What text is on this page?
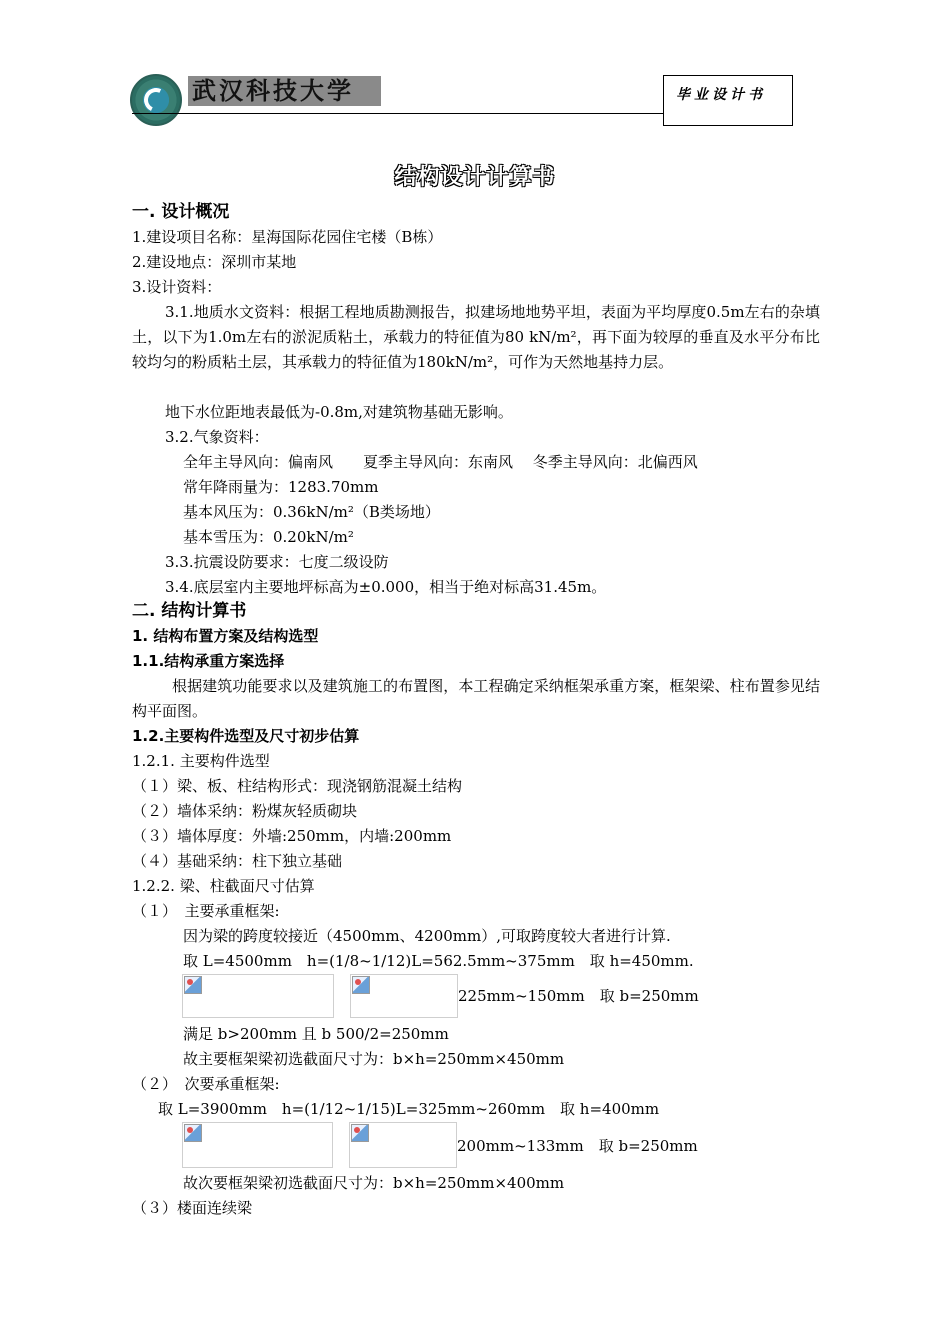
武汉科技大学	毕业设计书
结构设计计算书
一. 设计概况
1.建设项目名称：星海国际花园住宅楼（B栋）
2.建设地点：深圳市某地
3.设计资料：
3.1.地质水文资料：根据工程地质勘测报告，拟建场地地势平坦，表面为平均厚度0.5m左右的杂填土，以下为1.0m左右的淤泥质粘土，承载力的特征值为80 kN/m²，再下面为较厚的垂直及水平分布比较均匀的粉质粘土层，其承载力的特征值为180kN/m²，可作为天然地基持力层。
地下水位距地表最低为-0.8m,对建筑物基础无影响。
3.2.气象资料：
全年主导风向：偏南风　　夏季主导风向：东南风　 冬季主导风向：北偏西风
常年降雨量为：1283.70mm
基本风压为：0.36kN/m²（B类场地）
基本雪压为：0.20kN/m²
3.3.抗震设防要求：七度二级设防
3.4.底层室内主要地坪标高为±0.000，相当于绝对标高31.45m。
二. 结构计算书
1. 结构布置方案及结构选型
1.1.结构承重方案选择
根据建筑功能要求以及建筑施工的布置图，本工程确定采纳框架承重方案，框架梁、柱布置参见结构平面图。
1.2.主要构件选型及尺寸初步估算
1.2.1. 主要构件选型
（１）梁、板、柱结构形式：现浇钢筋混凝土结构
（２）墙体采纳：粉煤灰轻质砌块
（３）墙体厚度：外墙:250mm，内墙:200mm
（４）基础采纳：柱下独立基础
1.2.2. 梁、柱截面尺寸估算
（１）　主要承重框架:
因为梁的跨度较接近（4500mm、4200mm）,可取跨度较大者进行计算.
取 L=4500mm　h=(1/8~1/12)L=562.5mm~375mm　取 h=450mm.
225mm~150mm　取 b=250mm
满足 b>200mm 且 b 500/2=250mm
故主要框架梁初选截面尺寸为：b×h=250mm×450mm
（２）　次要承重框架:
取 L=3900mm　h=(1/12~1/15)L=325mm~260mm　取 h=400mm
200mm~133mm　取 b=250mm
故次要框架梁初选截面尺寸为：b×h=250mm×400mm
（３）楼面连续梁
